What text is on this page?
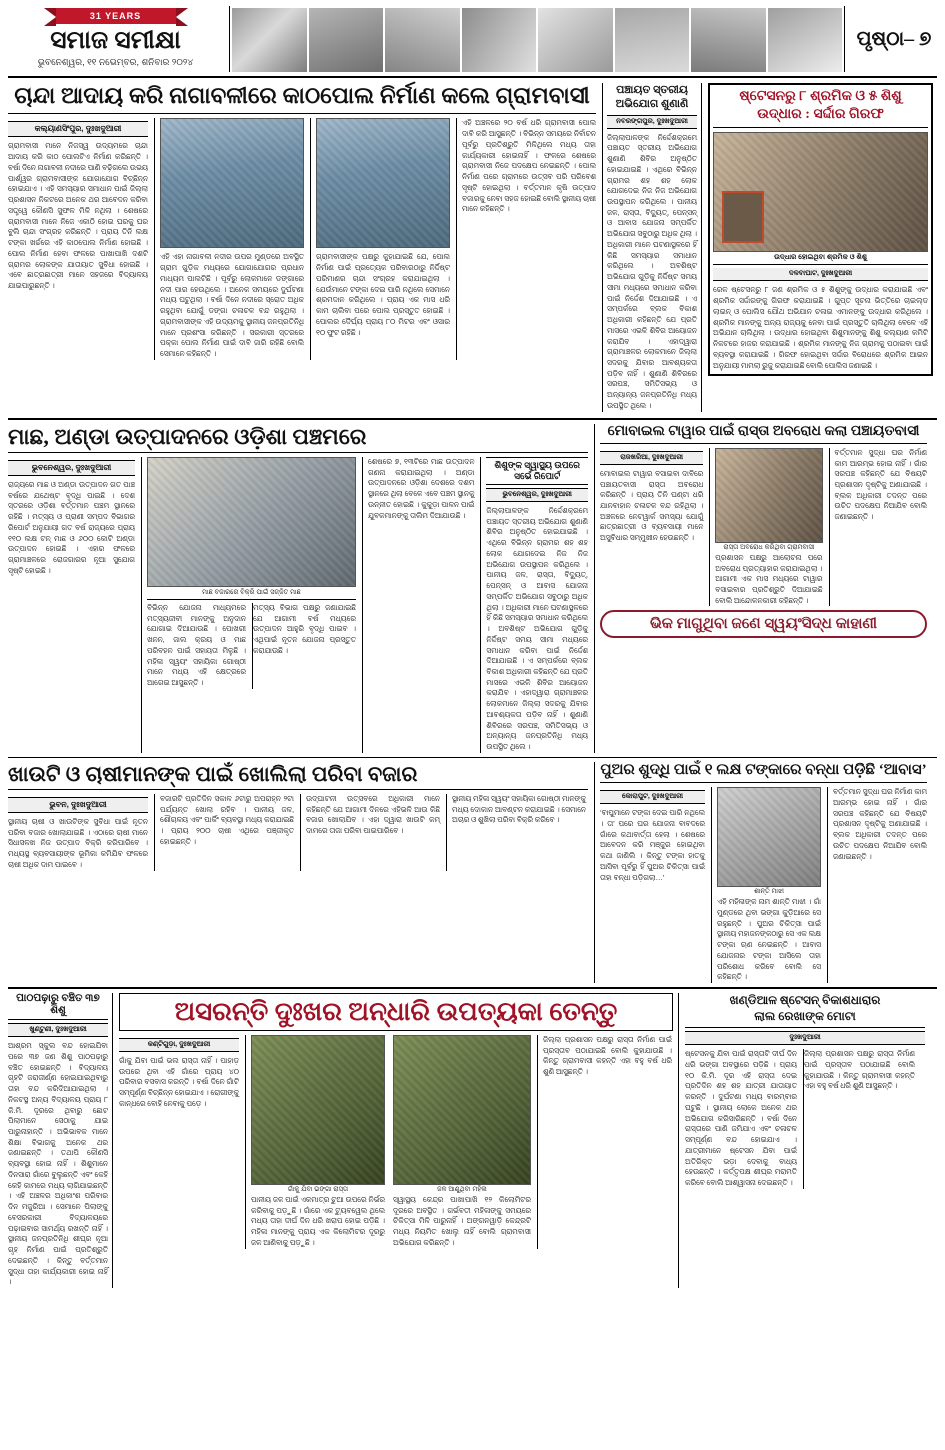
31 YEARS
ସମାଜ ସମୀକ୍ଷା
ଭୁବନେଶ୍ୱର, ୧୧ ନଭେମ୍ବର, ଶନିବାର ୨୦୨୪
ପୃଷ୍ଠା– ୭
ଚାନ୍ଦା ଆଦାୟ କରି ନାଗାବଳୀରେ କାଠପୋଲ ନିର୍ମାଣ କଲେ ଗ୍ରାମବାସୀ
କଲ୍ୟାଣସିଂପୁର, ଦୁଃଖଦୁଆରୀ
ଗ୍ରାମବାସୀ ମାନେ ନିଜସ୍ୱ ଉଦ୍ୟମରେ ଚାନ୍ଦା ଆଦାୟ କରି କାଠ ପୋଲଟିଏ ନିର୍ମାଣ କରିଛନ୍ତି । ବର୍ଷା ଦିନେ ନାଗାବଳୀ ନଦୀରେ ପାଣି ବଢ଼ିଗଲେ ଉଭୟ ପାର୍ଶ୍ୱର ଗ୍ରାମବାସୀଙ୍କ ଯୋଗାଯୋଗ ବିଚ୍ଛିନ୍ନ ହୋଇଯାଏ । ଏହି ସମସ୍ୟାର ସମାଧାନ ପାଇଁ ଜିଲ୍ଲା ପ୍ରଶାସନ ନିକଟରେ ଅନେକ ଥର ଆବେଦନ କରିବା ସତ୍ତ୍ୱେ କୌଣସି ସୁଫଳ ମିଳି ନଥିଲା । ଶେଷରେ ଗ୍ରାମବାସୀ ମାନେ ନିଜେ ଏକାଠି ହୋଇ ଘରକୁ ଘର ବୁଲି ଚାନ୍ଦା ସଂଗ୍ରହ କରିଛନ୍ତି । ପ୍ରାୟ ତିନି ଲକ୍ଷ ଟଙ୍କା ଖର୍ଚ୍ଚରେ ଏହି କାଠପୋଲ ନିର୍ମାଣ ହୋଇଛି । ପୋଲ ନିର୍ମାଣ ହେବା ଫଳରେ ପାଖାପାଖି ଦଶଟି ଗ୍ରାମର ଲୋକଙ୍କ ଯାତାୟାତ ସୁବିଧା ହୋଇଛି । ଏବେ ଛାତ୍ରଛାତ୍ରୀ ମାନେ ସହଜରେ ବିଦ୍ୟାଳୟ ଯାଇପାରୁଛନ୍ତି ।
ଏହି ଏହା ନାଗାବଳୀ ନଦୀର ଉପର ମୁଣ୍ଡରେ ଅବସ୍ଥିତ ଗ୍ରାମ ଗୁଡ଼ିକ ମଧ୍ୟରେ ଯୋଗାଯୋଗର ପ୍ରଧାନ ମାଧ୍ୟମ ପାଲଟିଛି । ପୂର୍ବରୁ ଲୋକମାନେ ଡଙ୍ଗାରେ ନଦୀ ପାର ହେଉଥିଲେ । ଅନେକ ସମୟରେ ଦୁର୍ଘଟଣା ମଧ୍ୟ ଘଟୁଥିଲା । ବର୍ଷା ଦିନେ ନଦୀରେ ସ୍ରୋତ ଅଧିକ ରହୁଥିବା ଯୋଗୁଁ ଡଙ୍ଗା ଚଳାଚଳ ବନ୍ଦ ରହୁଥିଲା । ଗ୍ରାମବାସୀଙ୍କ ଏହି ଉଦ୍ୟମକୁ ସ୍ଥାନୀୟ ଜନପ୍ରତିନିଧି ମାନେ ପ୍ରଶଂସା କରିଛନ୍ତି । ସରକାରୀ ସ୍ତରରେ ପକ୍କା ପୋଲ ନିର୍ମାଣ ପାଇଁ ଦାବି ଜାରି ରହିଛି ବୋଲି ସେମାନେ କହିଛନ୍ତି ।
ଗ୍ରାମବାସୀଙ୍କ ପକ୍ଷରୁ କୁହାଯାଇଛି ଯେ, ପୋଲ ନିର୍ମାଣ ପାଇଁ ପ୍ରତ୍ୟେକ ପରିବାରଠାରୁ ନିର୍ଦ୍ଦିଷ୍ଟ ପରିମାଣର ଚାନ୍ଦା ସଂଗ୍ରହ କରାଯାଇଥିଲା । ଯେଉଁମାନେ ଟଙ୍କା ଦେଇ ପାରି ନଥିଲେ ସେମାନେ ଶ୍ରମଦାନ କରିଥିଲେ । ପ୍ରାୟ ଏକ ମାସ ଧରି କାମ ଚାଲିବା ପରେ ପୋଲ ପ୍ରସ୍ତୁତ ହୋଇଛି । ପୋଲର ଦୈର୍ଘ୍ୟ ପ୍ରାୟ ୮୦ ମିଟର ଏବଂ ଓସାର ୧୦ ଫୁଟ ରହିଛି ।
ଏହି ଅଞ୍ଚଳରେ ୨୦ ବର୍ଷ ଧରି ଗ୍ରାମବାସୀ ପୋଲ ଦାବି କରି ଆସୁଛନ୍ତି । ବିଭିନ୍ନ ସମୟରେ ନିର୍ବାଚନ ପୂର୍ବରୁ ପ୍ରତିଶ୍ରୁତି ମିଳିଥିଲେ ମଧ୍ୟ ତାହା କାର୍ଯ୍ୟକାରୀ ହୋଇନାହିଁ । ଫଳରେ ଶେଷରେ ଗ୍ରାମବାସୀ ନିଜେ ପଦକ୍ଷେପ ନେଇଛନ୍ତି । ପୋଲ ନିର୍ମାଣ ପରେ ଗ୍ରାମରେ ଉତ୍ସବ ପରି ପରିବେଶ ସୃଷ୍ଟି ହୋଇଥିଲା । ବର୍ତ୍ତମାନ କୃଷି ଉତ୍ପାଦ ବଜାରକୁ ନେବା ସହଜ ହୋଇଛି ବୋଲି ସ୍ଥାନୀୟ ଚାଷୀ ମାନେ କହିଛନ୍ତି ।
ପଞ୍ଚାୟତ ସ୍ତରୀୟ ଅଭିଯୋଗ ଶୁଣାଣି
ନବରଙ୍ଗପୁର, ଦୁଃଖଦୁଆରୀ
ଜିଲ୍ଲାପାଳଙ୍କ ନିର୍ଦ୍ଦେଶକ୍ରମେ ପଞ୍ଚାୟତ ସ୍ତରୀୟ ଅଭିଯୋଗ ଶୁଣାଣି ଶିବିର ଅନୁଷ୍ଠିତ ହୋଇଯାଇଛି । ଏଥିରେ ବିଭିନ୍ନ ଗ୍ରାମର ଶହ ଶହ ଲୋକ ଯୋଗଦେଇ ନିଜ ନିଜ ଅଭିଯୋଗ ଉପସ୍ଥାପନ କରିଥିଲେ । ପାନୀୟ ଜଳ, ରାସ୍ତା, ବିଦ୍ୟୁତ୍, ପେନ୍‌ସନ୍ ଓ ଆବାସ ଯୋଜନା ସମ୍ପର୍କିତ ଅଭିଯୋଗ ସବୁଠାରୁ ଅଧିକ ଥିଲା । ଅଧିକାରୀ ମାନେ ଘଟଣାସ୍ଥଳରେ ହିଁ କିଛି ସମସ୍ୟାର ସମାଧାନ କରିଥିଲେ । ଅବଶିଷ୍ଟ ଅଭିଯୋଗ ଗୁଡ଼ିକୁ ନିର୍ଦ୍ଦିଷ୍ଟ ସମୟ ସୀମା ମଧ୍ୟରେ ସମାଧାନ କରିବା ପାଇଁ ନିର୍ଦ୍ଦେଶ ଦିଆଯାଇଛି । ଏ ସମ୍ପର୍କରେ ବ୍ଲକ ବିକାଶ ଅଧିକାରୀ କହିଛନ୍ତି ଯେ ପ୍ରତି ମାସରେ ଏଭଳି ଶିବିର ଆୟୋଜନ କରାଯିବ । ଏହାଦ୍ୱାରା ଗ୍ରାମାଞ୍ଚଳର ଲୋକମାନେ ଜିଲ୍ଲା ସଦରକୁ ଯିବାର ଆବଶ୍ୟକତା ପଡ଼ିବ ନାହିଁ । ଶୁଣାଣି ଶିବିରରେ ସରପଞ୍ଚ, ସମିତିସଭ୍ୟ ଓ ଅନ୍ୟାନ୍ୟ ଜନପ୍ରତିନିଧି ମଧ୍ୟ ଉପସ୍ଥିତ ଥିଲେ ।
ଷ୍ଟେସନରୁ ୮ ଶ୍ରମିକ ଓ ୫ ଶିଶୁ
ଉଦ୍ଧାର : ସର୍ଦ୍ଦାର ଗିରଫ
ଉଦ୍ଧାର ହୋଇଥିବା ଶ୍ରମିକ ଓ ଶିଶୁ
ଦଳବାଘାଟ, ଦୁଃଖଦୁଆରୀ
ରେଳ ଷ୍ଟେସନରୁ ୮ ଜଣ ଶ୍ରମିକ ଓ ୫ ଶିଶୁଙ୍କୁ ଉଦ୍ଧାର କରାଯାଇଛି ଏବଂ ଶ୍ରମିକ ସର୍ଦ୍ଦାରଙ୍କୁ ଗିରଫ କରାଯାଇଛି । ଗୁପ୍ତ ସୂଚନା ଭିତ୍ତିରେ ଚାଇଲ୍ଡ ଲାଇନ୍ ଓ ପୋଲିସ ଯୌଥ ଅଭିଯାନ ଚଳାଇ ଏମାନଙ୍କୁ ଉଦ୍ଧାର କରିଥିଲେ । ଶ୍ରମିକ ମାନଙ୍କୁ ଅନ୍ୟ ରାଜ୍ୟକୁ ନେବା ପାଇଁ ପ୍ରସ୍ତୁତି ଚାଲିଥିଲା ବେଳେ ଏହି ଅଭିଯାନ ଚାଲିଥିଲା । ଉଦ୍ଧାର ହୋଇଥିବା ଶିଶୁମାନଙ୍କୁ ଶିଶୁ କଲ୍ୟାଣ କମିଟି ନିକଟରେ ହାଜର କରାଯାଇଛି । ଶ୍ରମିକ ମାନଙ୍କୁ ନିଜ ଗ୍ରାମକୁ ପଠାଇବା ପାଇଁ ବ୍ୟବସ୍ଥା କରାଯାଇଛି । ଗିରଫ ହୋଇଥିବା ସର୍ଦ୍ଦାର ବିରୋଧରେ ଶ୍ରମିକ ଆଇନ ଅନୁଯାୟୀ ମାମଲା ରୁଜୁ କରାଯାଇଛି ବୋଲି ପୋଲିସ ଜଣାଇଛି ।
ମାଛ, ଅଣ୍ଡା ଉତ୍ପାଦନରେ ଓଡ଼ିଶା ପଞ୍ଚମରେ
ଭୁବନେଶ୍ୱର, ଦୁଃଖଦୁଆରୀ
ରାଜ୍ୟରେ ମାଛ ଓ ଅଣ୍ଡା ଉତ୍ପାଦନ ଗତ ପାଞ୍ଚ ବର୍ଷରେ ଯଥେଷ୍ଟ ବୃଦ୍ଧି ପାଇଛି । ଦେଶ ସ୍ତରରେ ଓଡ଼ିଶା ବର୍ତ୍ତମାନ ପଞ୍ଚମ ସ୍ଥାନରେ ରହିଛି । ମତ୍ସ୍ୟ ଓ ପ୍ରାଣୀ ସମ୍ପଦ ବିଭାଗର ରିପୋର୍ଟ ଅନୁଯାୟୀ ଗତ ବର୍ଷ ରାଜ୍ୟରେ ପ୍ରାୟ ୧୧୦ ଲକ୍ଷ ଟନ୍ ମାଛ ଓ ୬୦୦ କୋଟି ଅଣ୍ଡା ଉତ୍ପାଦନ ହୋଇଛି । ଏହାର ଫଳରେ ଗ୍ରାମାଞ୍ଚଳରେ ରୋଜଗାରର ନୂଆ ସୁଯୋଗ ସୃଷ୍ଟି ହୋଇଛି ।
ମାଛ ବଜାରରେ ବିକ୍ରି ପାଇଁ ସଜ୍ଜିତ ମାଛ
ବିଭିନ୍ନ ଯୋଜନା ମାଧ୍ୟମରେ ମତ୍ସ୍ୟଜୀବୀ ମାନଙ୍କୁ ଅନୁଦାନ ଯୋଗାଇ ଦିଆଯାଉଛି । ପୋଖରୀ ଖନନ, ଜାଲ କ୍ରୟ ଓ ମାଛ ପରିବହନ ପାଇଁ ସହାୟତା ମିଳୁଛି । ମହିଳା ସ୍ୱୟଂ ସହାୟିକା ଗୋଷ୍ଠୀ ମାନେ ମଧ୍ୟ ଏହି କ୍ଷେତ୍ରରେ ଆଗେଇ ଆସୁଛନ୍ତି ।
ମତ୍ସ୍ୟ ବିଭାଗ ପକ୍ଷରୁ ଜଣାଯାଇଛି ଯେ ଆଗାମୀ ବର୍ଷ ମଧ୍ୟରେ ଉତ୍ପାଦନ ଆହୁରି ବୃଦ୍ଧି ପାଇବ । ଏଥିପାଇଁ ନୂତନ ଯୋଜନା ପ୍ରସ୍ତୁତ କରାଯାଉଛି ।
ଶେଷରେ ୭, ୧୩ଟିରେ ମାଛ ଉତ୍ପାଦନ ଗଣନା କରାଯାଇଥିଲା । ଅଣ୍ଡା ଉତ୍ପାଦନରେ ଓଡ଼ିଶା ଦେଶରେ ଦଶମ ସ୍ଥାନରେ ଥିଲା ବେଳେ ଏବେ ପଞ୍ଚମ ସ୍ଥାନକୁ ଉନ୍ନୀତ ହୋଇଛି । କୁକୁଡ଼ା ପାଳନ ପାଇଁ ଯୁବକମାନଙ୍କୁ ତାଲିମ ଦିଆଯାଉଛି ।
ଶିଶୁଙ୍କ ସ୍ୱାସ୍ଥ୍ୟ ଉପରେ ସର୍ଭେ ରିପୋର୍ଟ
ଭୁବନେଶ୍ୱର, ଦୁଃଖଦୁଆରୀ
ଜିଲ୍ଲାପାଳଙ୍କ ନିର୍ଦ୍ଦେଶକ୍ରମେ ପଞ୍ଚାୟତ ସ୍ତରୀୟ ଅଭିଯୋଗ ଶୁଣାଣି ଶିବିର ଅନୁଷ୍ଠିତ ହୋଇଯାଇଛି । ଏଥିରେ ବିଭିନ୍ନ ଗ୍ରାମର ଶହ ଶହ ଲୋକ ଯୋଗଦେଇ ନିଜ ନିଜ ଅଭିଯୋଗ ଉପସ୍ଥାପନ କରିଥିଲେ । ପାନୀୟ ଜଳ, ରାସ୍ତା, ବିଦ୍ୟୁତ୍, ପେନ୍‌ସନ୍ ଓ ଆବାସ ଯୋଜନା ସମ୍ପର୍କିତ ଅଭିଯୋଗ ସବୁଠାରୁ ଅଧିକ ଥିଲା । ଅଧିକାରୀ ମାନେ ଘଟଣାସ୍ଥଳରେ ହିଁ କିଛି ସମସ୍ୟାର ସମାଧାନ କରିଥିଲେ । ଅବଶିଷ୍ଟ ଅଭିଯୋଗ ଗୁଡ଼ିକୁ ନିର୍ଦ୍ଦିଷ୍ଟ ସମୟ ସୀମା ମଧ୍ୟରେ ସମାଧାନ କରିବା ପାଇଁ ନିର୍ଦ୍ଦେଶ ଦିଆଯାଇଛି । ଏ ସମ୍ପର୍କରେ ବ୍ଲକ ବିକାଶ ଅଧିକାରୀ କହିଛନ୍ତି ଯେ ପ୍ରତି ମାସରେ ଏଭଳି ଶିବିର ଆୟୋଜନ କରାଯିବ । ଏହାଦ୍ୱାରା ଗ୍ରାମାଞ୍ଚଳର ଲୋକମାନେ ଜିଲ୍ଲା ସଦରକୁ ଯିବାର ଆବଶ୍ୟକତା ପଡ଼ିବ ନାହିଁ । ଶୁଣାଣି ଶିବିରରେ ସରପଞ୍ଚ, ସମିତିସଭ୍ୟ ଓ ଅନ୍ୟାନ୍ୟ ଜନପ୍ରତିନିଧି ମଧ୍ୟ ଉପସ୍ଥିତ ଥିଲେ ।
ମୋବାଇଲ ଟାୱାର ପାଇଁ ରାସ୍ତା ଅବରୋଧ କଲା ପଞ୍ଚାୟତବାସୀ
ରାଜଖରିଆ, ଦୁଃଖଦୁଆରୀ
ମୋବାଇଲ ଟାୱାର ବସାଇବା ଦାବିରେ ପଞ୍ଚାୟତବାସୀ ରାସ୍ତା ଅବରୋଧ କରିଛନ୍ତି । ପ୍ରାୟ ତିନି ଘଣ୍ଟା ଧରି ଯାନବାହାନ ଚଳାଚଳ ବନ୍ଦ ରହିଥିଲା । ଅଞ୍ଚଳରେ ନେଟୱାର୍କ ସମସ୍ୟା ଯୋଗୁଁ ଛାତ୍ରଛାତ୍ରୀ ଓ ବ୍ୟବସାୟୀ ମାନେ ଅସୁବିଧାର ସମ୍ମୁଖୀନ ହେଉଛନ୍ତି ।
ରାସ୍ତା ଅବରୋଧ କରିଥିବା ଗ୍ରାମବାସୀ
ପ୍ରଶାସନ ପକ୍ଷରୁ ଆଲୋଚନା ପରେ ଅବରୋଧ ପ୍ରତ୍ୟାହାର କରାଯାଇଥିଲା । ଆଗାମୀ ଏକ ମାସ ମଧ୍ୟରେ ଟାୱାର ବସାଇବାର ପ୍ରତିଶ୍ରୁତି ଦିଆଯାଇଛି ବୋଲି ଆନ୍ଦୋଳନକାରୀ କହିଛନ୍ତି ।
ବର୍ତ୍ତମାନ ସୁଦ୍ଧା ଘର ନିର୍ମାଣ କାମ ଆରମ୍ଭ ହୋଇ ନାହିଁ । ଗାଁର ସରପଞ୍ଚ କହିଛନ୍ତି ଯେ ବିଷୟଟି ପ୍ରଶାସନ ଦୃଷ୍ଟିକୁ ଅଣାଯାଇଛି । ବ୍ଲକ ଅଧିକାରୀ ତଦନ୍ତ ପରେ ଉଚିତ ପଦକ୍ଷେପ ନିଆଯିବ ବୋଲି ଜଣାଇଛନ୍ତି ।
ଭିକ ମାଗୁଥିବା ଜଣେ ସ୍ୱୟଂସିଦ୍ଧ କାହାଣୀ
ଖାଉଟି ଓ ଚାଷୀମାନଙ୍କ ପାଇଁ ଖୋଲିଲା ପରିବା ବଜାର
ଭୁବନ, ଦୁଃଖଦୁଆରୀ
ସ୍ଥାନୀୟ ଚାଷୀ ଓ ଖାଉଟିଙ୍କ ସୁବିଧା ପାଇଁ ନୂତନ ପରିବା ବଜାର ଖୋଲାଯାଇଛି । ଏଠାରେ ଚାଷୀ ମାନେ ସିଧାସଳଖ ନିଜ ଉତ୍ପାଦ ବିକ୍ରି କରିପାରିବେ । ମଧ୍ୟସ୍ଥ ବ୍ୟବସାୟୀଙ୍କ ଭୂମିକା କମିଯିବ ଫଳରେ ଚାଷୀ ଅଧିକ ଦାମ ପାଇବେ ।
ବଜାରଟି ପ୍ରତିଦିନ ସକାଳ ୬ଟାରୁ ଅପରାହ୍ନ ୨ଟା ପର୍ଯ୍ୟନ୍ତ ଖୋଲା ରହିବ । ପାନୀୟ ଜଳ, ଶୌଚାଳୟ ଏବଂ ପାର୍କିଂ ବ୍ୟବସ୍ଥା ମଧ୍ୟ କରାଯାଇଛି । ପ୍ରାୟ ୨୦୦ ଚାଷୀ ଏଥିରେ ପଞ୍ଜୀକୃତ ହୋଇଛନ୍ତି ।
ଉଦ୍‌ଘାଟନୀ ଉତ୍ସବରେ ଅଧିକାରୀ ମାନେ କହିଛନ୍ତି ଯେ ଆଗାମୀ ଦିନରେ ଏହିଭଳି ଆଉ କିଛି ବଜାର ଖୋଲାଯିବ । ଏହା ଦ୍ୱାରା ଖାଉଟି କମ୍ ଦାମରେ ତାଜା ପରିବା ପାଇପାରିବେ ।
ସ୍ଥାନୀୟ ମହିଳା ସ୍ୱୟଂ ସହାୟିକା ଗୋଷ୍ଠୀ ମାନଙ୍କୁ ମଧ୍ୟ ଦୋକାନ ଆବଣ୍ଟନ କରାଯାଇଛି । ସେମାନେ ଅଚାର ଓ ଶୁଖିଲା ପରିବା ବିକ୍ରି କରିବେ ।
ପୁଅର ଶୁଦ୍ଧି ପାଇଁ ୧ ଲକ୍ଷ ଟଙ୍କାରେ ବନ୍ଧା ପଡ଼ିଛି ‘ଆବାସ’
କୋରାପୁଟ, ଦୁଃଖଦୁଆରୀ
‘ବାପୁମାନେ ଟଙ୍କା ଦେଇ ପାରି ନଥିଲେ । ତା’ ପରେ ଘର ଯୋଜନା ବାବଦରେ ଗାଁରେ କଥାବାର୍ତ୍ତା ହେଲା । ଶେଷରେ ଆବେଦନ କରି ମଞ୍ଜୁର ହୋଇଥିବା କଥା ଜାଣିଲି । କିନ୍ତୁ ଟଙ୍କା ହାତକୁ ଆସିବା ପୂର୍ବରୁ ହିଁ ପୁଅର ଚିକିତ୍ସା ପାଇଁ ତାହା ବନ୍ଧା ପଡ଼ିଗଲା…’
ଶାନ୍ତି ମାଝୀ
ଏହି ମହିଳାଙ୍କ ନାମ ଶାନ୍ତି ମାଝୀ । ଗାଁ ମୁଣ୍ଡରେ ଥିବା ଭଙ୍ଗା କୁଡ଼ିଆରେ ସେ ରହୁଛନ୍ତି । ପୁଅର ଚିକିତ୍ସା ପାଇଁ ସ୍ଥାନୀୟ ମହାଜନଙ୍କଠାରୁ ସେ ଏକ ଲକ୍ଷ ଟଙ୍କା ଋଣ ନେଇଛନ୍ତି । ଆବାସ ଯୋଜନାର ଟଙ୍କା ଆସିଲେ ତାହା ପରିଶୋଧ କରିବେ ବୋଲି ସେ କହିଛନ୍ତି ।
ବର୍ତ୍ତମାନ ସୁଦ୍ଧା ଘର ନିର୍ମାଣ କାମ ଆରମ୍ଭ ହୋଇ ନାହିଁ । ଗାଁର ସରପଞ୍ଚ କହିଛନ୍ତି ଯେ ବିଷୟଟି ପ୍ରଶାସନ ଦୃଷ୍ଟିକୁ ଅଣାଯାଇଛି । ବ୍ଲକ ଅଧିକାରୀ ତଦନ୍ତ ପରେ ଉଚିତ ପଦକ୍ଷେପ ନିଆଯିବ ବୋଲି ଜଣାଇଛନ୍ତି ।
ପାଠପଢ଼ାରୁ ବଞ୍ଚିତ ୩୭ ଶିଶୁ
ଖୁଣ୍ଟୁଣୀ, ଦୁଃଖଦୁଆରୀ
ଆଶ୍ରମ ସ୍କୁଲ ବନ୍ଦ ହୋଇଯିବା ପରେ ୩୭ ଜଣ ଶିଶୁ ପାଠପଢ଼ାରୁ ବଞ୍ଚିତ ହୋଇଛନ୍ତି । ବିଦ୍ୟାଳୟ ଗୃହଟି ଜରାଜୀର୍ଣ୍ଣ ହୋଇଯାଇଥିବାରୁ ତାହା ବନ୍ଦ କରିଦିଆଯାଇଥିଲା । ନିକଟସ୍ଥ ଅନ୍ୟ ବିଦ୍ୟାଳୟ ପ୍ରାୟ ୮ କି.ମି. ଦୂରରେ ଥିବାରୁ ଛୋଟ ପିଲାମାନେ ସେଠାକୁ ଯାଇ ପାରୁନାହାନ୍ତି । ଅଭିଭାବକ ମାନେ ଶିକ୍ଷା ବିଭାଗକୁ ଅନେକ ଥର ଜଣାଇଛନ୍ତି । ତଥାପି କୌଣସି ବ୍ୟବସ୍ଥା ହୋଇ ନାହିଁ । ଶିଶୁମାନେ ଦିନସାରା ଗାଁରେ ବୁଲୁଛନ୍ତି ଏବଂ କେହି କେହି କାମରେ ମଧ୍ୟ ଲାଗିଯାଇଛନ୍ତି । ଏହି ଅଞ୍ଚଳର ଅଧିକାଂଶ ପରିବାର ଦିନ ମଜୁରିଆ । ସେମାନେ ପିଲାଙ୍କୁ ବେସରକାରୀ ବିଦ୍ୟାଳୟରେ ପଢ଼ାଇବାର ସାମର୍ଥ୍ୟ ରଖନ୍ତି ନାହିଁ । ସ୍ଥାନୀୟ ଜନପ୍ରତିନିଧି ଶୀଘ୍ର ନୂଆ ଗୃହ ନିର୍ମାଣ ପାଇଁ ପ୍ରତିଶ୍ରୁତି ଦେଇଛନ୍ତି । କିନ୍ତୁ ବର୍ତ୍ତମାନ ସୁଦ୍ଧା ତାହା କାର୍ଯ୍ୟକାରୀ ହୋଇ ନାହିଁ ।
ଅସରନ୍ତି ଦୁଃଖର ଅନ୍ଧାରି ଉପତ୍ୟକା ତେନ୍ତୁ
କଣ୍ଟିଗୁଡ଼ା, ଦୁଃଖଦୁଆରୀ
ଗାଁକୁ ଯିବା ପାଇଁ ଭଲ ରାସ୍ତା ନାହିଁ । ପାହାଡ଼ ଉପରେ ଥିବା ଏହି ଗାଁରେ ପ୍ରାୟ ୪୦ ପରିବାର ବସବାସ କରନ୍ତି । ବର୍ଷା ଦିନେ ଗାଁଟି ସମ୍ପୂର୍ଣ୍ଣ ବିଚ୍ଛିନ୍ନ ହୋଇଯାଏ । ରୋଗୀଙ୍କୁ କାନ୍ଧରେ ବୋହି ନେବାକୁ ପଡ଼େ ।
ଗାଁକୁ ଯିବା ଭଙ୍ଗା ରାସ୍ତା
ପାନୀୟ ଜଳ ପାଇଁ ଏକମାତ୍ର ଚୁଆ ଉପରେ ନିର୍ଭର କରିବାକୁ ପଡ଼ୁଛି । ଗାଁରେ ଏକ ଟ୍ୟୁବୱେଲ ଥିଲେ ମଧ୍ୟ ତାହା ଦୀର୍ଘ ଦିନ ଧରି ଖରାପ ହୋଇ ପଡ଼ିଛି । ମହିଳା ମାନଙ୍କୁ ପ୍ରାୟ ଏକ କିଲୋମିଟର ଦୂରରୁ ଜଳ ଆଣିବାକୁ ପଡ଼ୁଛି ।
ଜଳ ଆଣୁଥିବା ମହିଳା
ସ୍ୱାସ୍ଥ୍ୟ କେନ୍ଦ୍ର ପାଖାପାଖି ୧୨ କିଲୋମିଟର ଦୂରରେ ଅବସ୍ଥିତ । ଗର୍ଭବତୀ ମହିଳାଙ୍କୁ ସମୟରେ ଚିକିତ୍ସା ମିଳି ପାରୁନାହିଁ । ଅଙ୍ଗନୱାଡ଼ି କେନ୍ଦ୍ରଟି ମଧ୍ୟ ନିୟମିତ ଖୋଲୁ ନାହିଁ ବୋଲି ଗ୍ରାମବାସୀ ଅଭିଯୋଗ କରିଛନ୍ତି ।
ଜିଲ୍ଲା ପ୍ରଶାସନ ପକ୍ଷରୁ ରାସ୍ତା ନିର୍ମାଣ ପାଇଁ ପ୍ରସ୍ତାବ ପଠାଯାଇଛି ବୋଲି କୁହାଯାଉଛି । କିନ୍ତୁ ଗ୍ରାମବାସୀ କହନ୍ତି ଏହା ବହୁ ବର୍ଷ ଧରି ଶୁଣି ଆସୁଛନ୍ତି ।
ଖଣ୍ଡିଆଳ ଷ୍ଟେସନ୍ ବିକାଶଧାରାର
ଲାଲ ରେଖାଙ୍କ ମୋଟା
ଦୁଃଖଦୁଆରୀ
ଷ୍ଟେସନକୁ ଯିବା ପାଇଁ ରାସ୍ତାଟି ଦୀର୍ଘ ଦିନ ଧରି ଭଙ୍ଗା ଅବସ୍ଥାରେ ପଡ଼ିଛି । ପ୍ରାୟ ୧୦ କି.ମି. ଦୂର ଏହି ରାସ୍ତା ଦେଇ ପ୍ରତିଦିନ ଶହ ଶହ ଯାତ୍ରୀ ଯାତାୟାତ କରନ୍ତି । ଦୁର୍ଘଟଣା ମଧ୍ୟ ବାରମ୍ବାର ଘଟୁଛି । ସ୍ଥାନୀୟ ଲୋକେ ଅନେକ ଥର ଅଭିଯୋଗ କରିସାରିଛନ୍ତି । ବର୍ଷା ଦିନେ ରାସ୍ତାରେ ପାଣି ଜମିଯାଏ ଏବଂ ଚଳାଚଳ ସମ୍ପୂର୍ଣ୍ଣ ବନ୍ଦ ହୋଇଯାଏ । ଯାତ୍ରୀମାନେ ଷ୍ଟେସନ ଯିବା ପାଇଁ ଅତିରିକ୍ତ ଭଡ଼ା ଦେବାକୁ ବାଧ୍ୟ ହେଉଛନ୍ତି । କର୍ତ୍ତୃପକ୍ଷ ଶୀଘ୍ର ମରାମତି କରିବେ ବୋଲି ଆଶ୍ୱାସନା ଦେଇଛନ୍ତି ।
ଜିଲ୍ଲା ପ୍ରଶାସନ ପକ୍ଷରୁ ରାସ୍ତା ନିର୍ମାଣ ପାଇଁ ପ୍ରସ୍ତାବ ପଠାଯାଇଛି ବୋଲି କୁହାଯାଉଛି । କିନ୍ତୁ ଗ୍ରାମବାସୀ କହନ୍ତି ଏହା ବହୁ ବର୍ଷ ଧରି ଶୁଣି ଆସୁଛନ୍ତି ।
